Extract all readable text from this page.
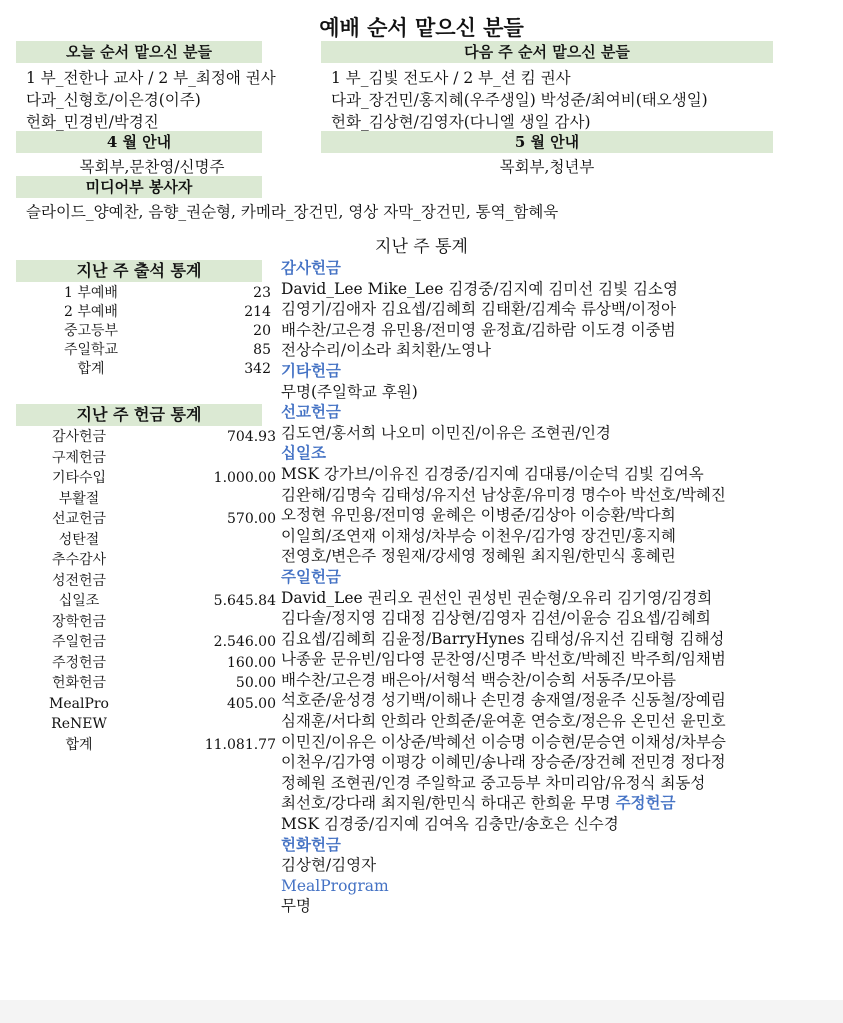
예배 순서 맡으신 분들
오늘 순서 맡으신 분들
1 부_전한나 교사 / 2 부_최정애 권사
다과_신형호/이은경(이주)
헌화_민경빈/박경진
다음 주 순서 맡으신 분들
1 부_김빛 전도사 / 2 부_션 킴 권사
다과_장건민/홍지혜(우주생일) 박성준/최여비(태오생일)
헌화_김상현/김영자(다니엘 생일 감사)
4 월 안내
목회부,문찬영/신명주
5 월 안내
목회부,청년부
미디어부 봉사자
슬라이드_양예찬, 음향_권순형, 카메라_장건민, 영상 자막_장건민, 통역_함혜욱
지난 주 통계
지난 주 출석 통계
1 부예배	23
2 부예배	214
중고등부	20
주일학교	85
합계	342
지난 주 헌금 통계
감사헌금	704.93
구제헌금
기타수입	1.000.00
부활절
선교헌금	570.00
성탄절
추수감사
성전헌금
십일조	5.645.84
장학헌금
주일헌금	2.546.00
주정헌금	160.00
헌화헌금	50.00
MealPro	405.00
ReNEW
합계	11.081.77
감사헌금
David_Lee Mike_Lee 김경중/김지예 김미선 김빛 김소영
김영기/김애자 김요셉/김혜희 김태환/김계숙 류상백/이정아
배수찬/고은경 유민용/전미영 윤정효/김하람 이도경 이중범
전상수리/이소라 최치환/노영나
기타헌금
무명(주일학교 후원)
선교헌금
김도연/홍서희 나오미 이민진/이유은 조현권/인경
십일조
MSK 강가브/이유진 김경중/김지예 김대룡/이순덕 김빛 김여옥
김완해/김명숙 김태성/유지선 남상훈/유미경 명수아 박선호/박혜진
오정현 유민용/전미영 윤혜은 이병준/김상아 이승환/박다희
이일희/조연재 이채성/차부승 이천우/김가영 장건민/홍지혜
전영호/변은주 정원재/강세영 정혜원 최지원/한민식 홍혜린
주일헌금
David_Lee 권리오 권선인 권성빈 권순형/오유리 김기영/김경희
김다솔/정지영 김대정 김상현/김영자 김션/이윤승 김요셉/김혜희
김요셉/김혜희 김윤정/BarryHynes 김태성/유지선 김태형 김해성
나종윤 문유빈/임다영 문찬영/신명주 박선호/박혜진 박주희/임채범
배수찬/고은경 배은아/서형석 백승찬/이승희 서동주/모아름
석호준/윤성경 성기백/이해나 손민경 송재열/정윤주 신동철/장예림
심재훈/서다희 안희라 안희준/윤여훈 연승호/정은유 온민선 윤민호
이민진/이유은 이상준/박혜선 이승명 이승현/문승연 이채성/차부승
이천우/김가영 이평강 이혜민/송나래 장승준/장건혜 전민경 정다정
정혜원 조현권/인경 주일학교 중고등부 차미리암/유정식 최동성
최선호/강다래 최지원/한민식 하대곤 한희윤 무명 주정헌금
MSK 김경중/김지예 김여옥 김충만/송호은 신수경
헌화헌금
김상현/김영자
MealProgram
무명
